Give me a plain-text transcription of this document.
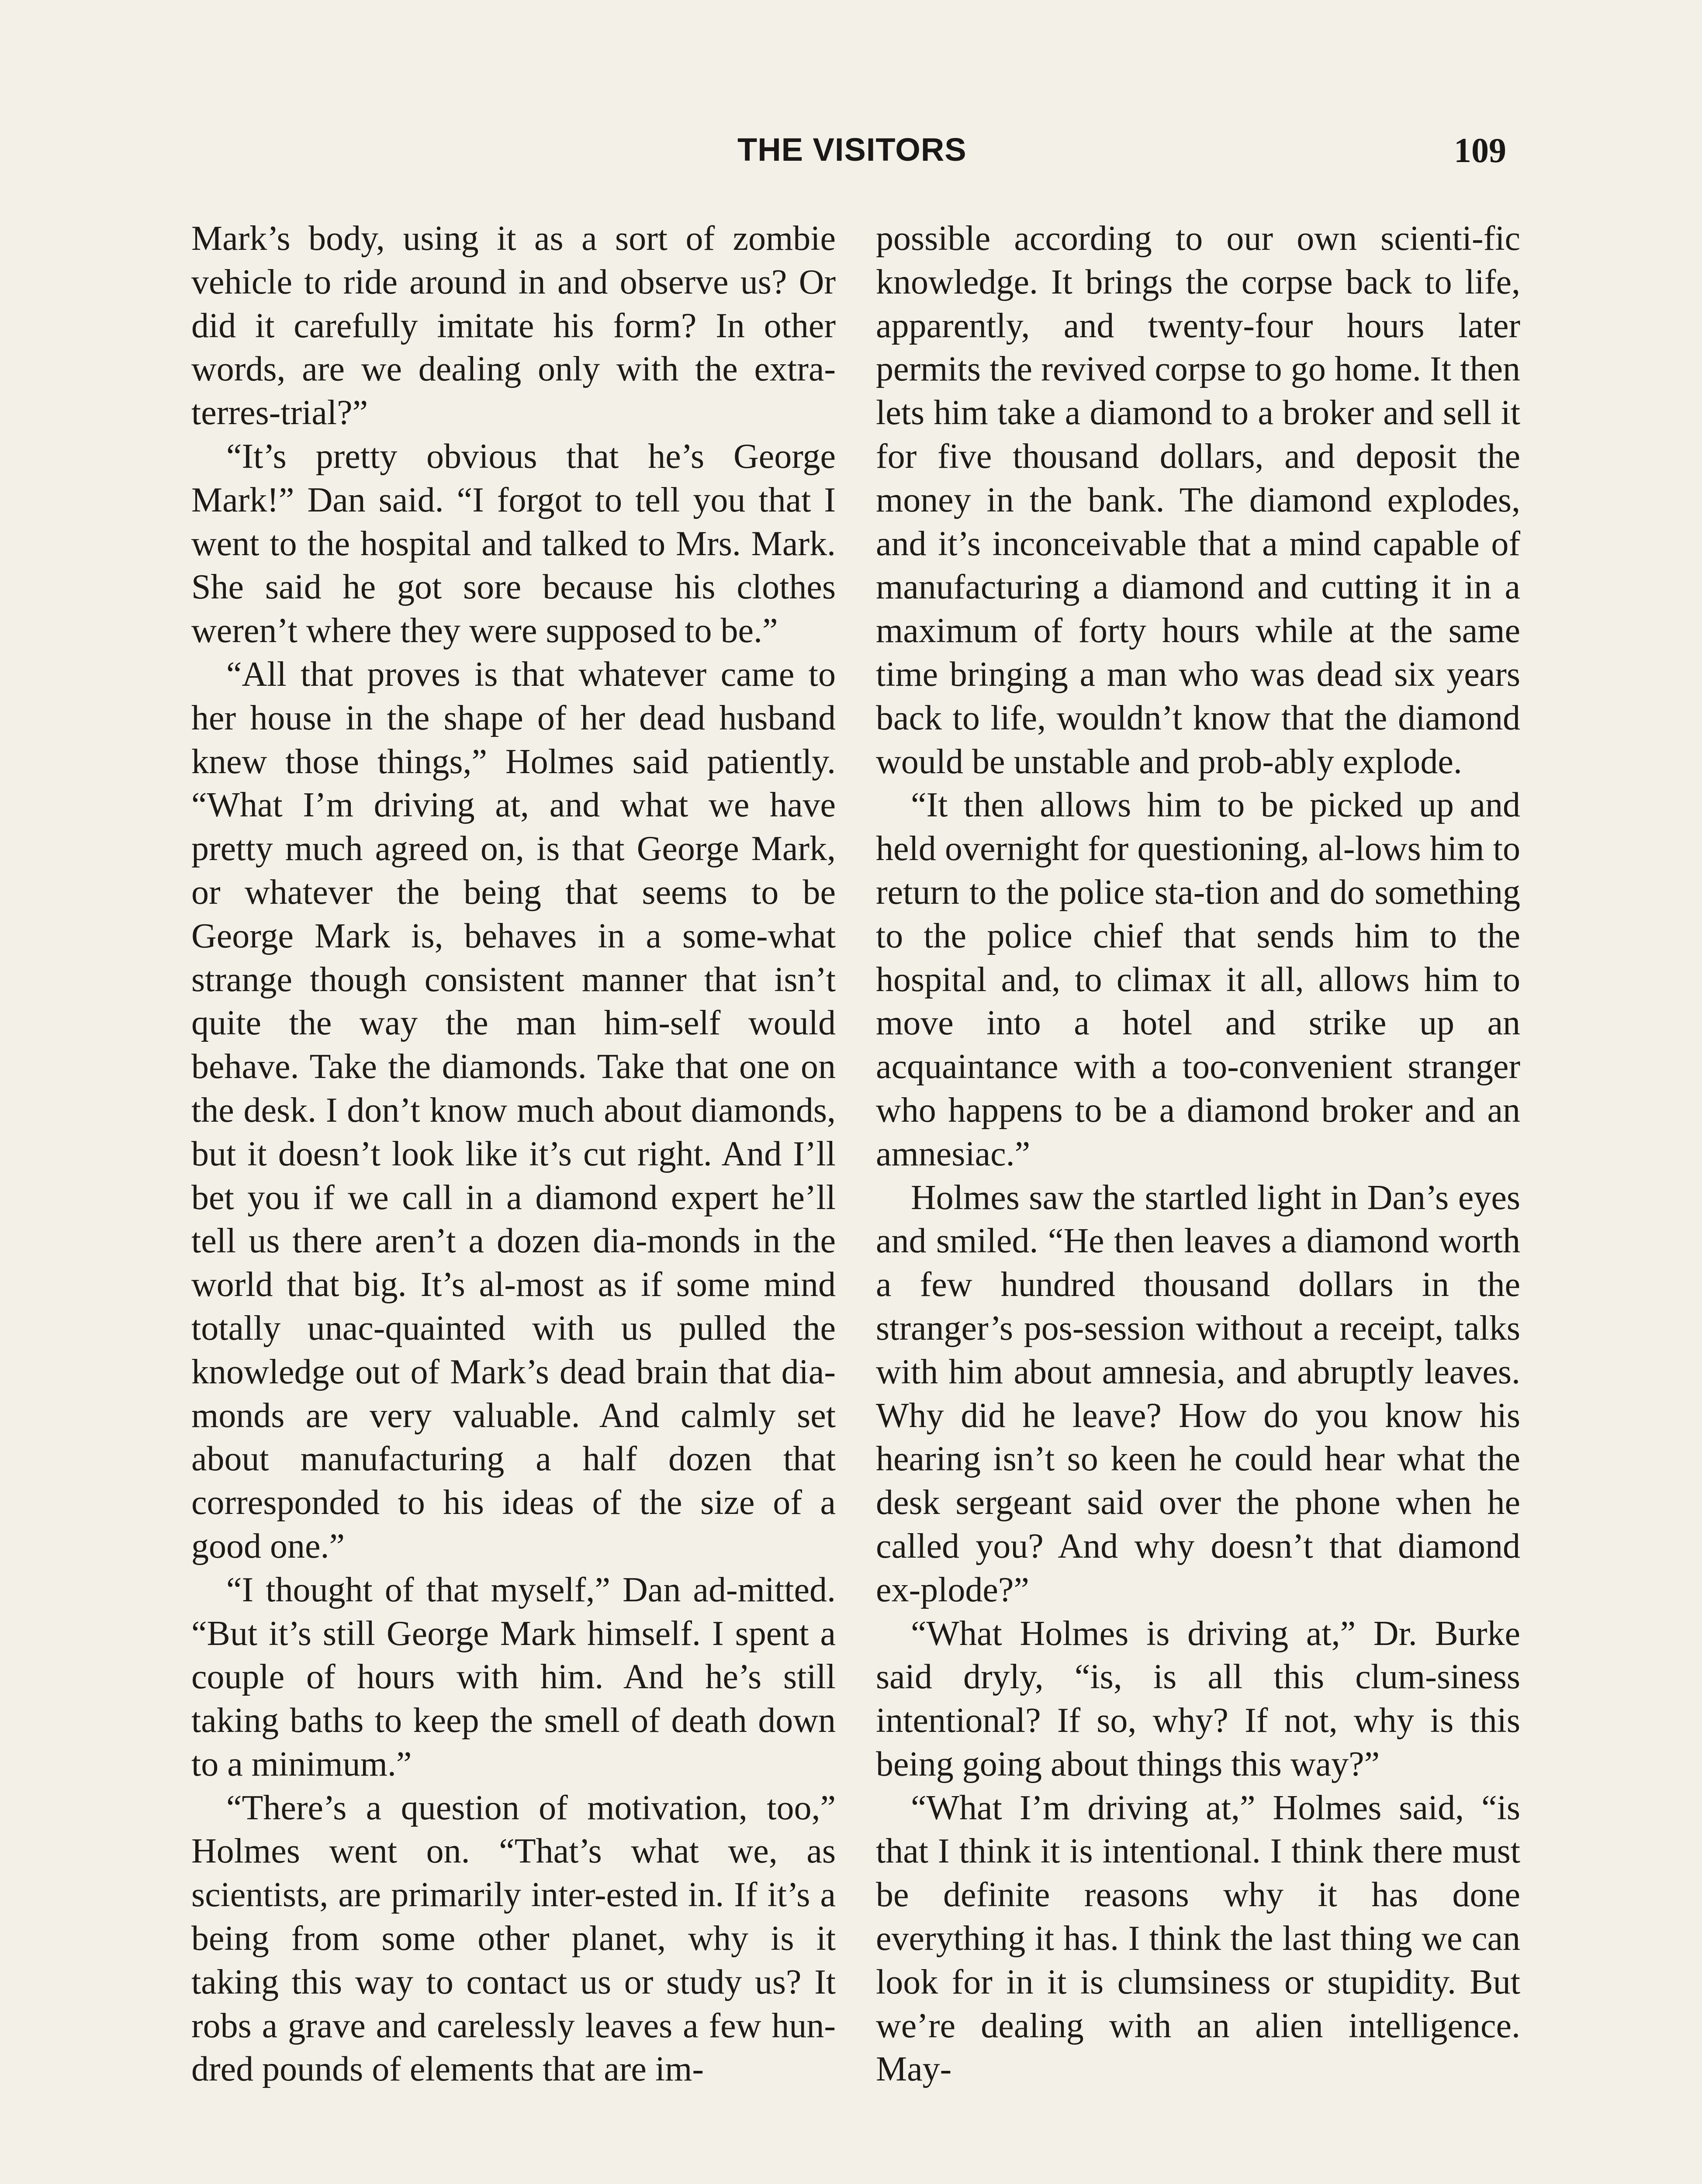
THE VISITORS	109

Mark’s body, using it as a sort of zombie vehicle to ride around in and observe us? Or did it carefully imitate his form? In other words, are we dealing only with the extra-terres-trial?”

“It’s pretty obvious that he’s George Mark!” Dan said. “I forgot to tell you that I went to the hospital and talked to Mrs. Mark. She said he got sore because his clothes weren’t where they were supposed to be.”

“All that proves is that whatever came to her house in the shape of her dead husband knew those things,” Holmes said patiently. “What I’m driving at, and what we have pretty much agreed on, is that George Mark, or whatever the being that seems to be George Mark is, behaves in a some-what strange though consistent manner that isn’t quite the way the man him-self would behave. Take the diamonds. Take that one on the desk. I don’t know much about diamonds, but it doesn’t look like it’s cut right. And I’ll bet you if we call in a diamond expert he’ll tell us there aren’t a dozen dia-monds in the world that big. It’s al-most as if some mind totally unac-quainted with us pulled the knowledge out of Mark’s dead brain that dia-monds are very valuable. And calmly set about manufacturing a half dozen that corresponded to his ideas of the size of a good one.”

“I thought of that myself,” Dan ad-mitted. “But it’s still George Mark himself. I spent a couple of hours with him. And he’s still taking baths to keep the smell of death down to a minimum.”

“There’s a question of motivation, too,” Holmes went on. “That’s what we, as scientists, are primarily inter-ested in. If it’s a being from some other planet, why is it taking this way to contact us or study us? It robs a grave and carelessly leaves a few hun-dred pounds of elements that are im-

possible according to our own scienti-fic knowledge. It brings the corpse back to life, apparently, and twenty-four hours later permits the revived corpse to go home. It then lets him take a diamond to a broker and sell it for five thousand dollars, and deposit the money in the bank. The diamond explodes, and it’s inconceivable that a mind capable of manufacturing a diamond and cutting it in a maximum of forty hours while at the same time bringing a man who was dead six years back to life, wouldn’t know that the diamond would be unstable and prob-ably explode.

“It then allows him to be picked up and held overnight for questioning, al-lows him to return to the police sta-tion and do something to the police chief that sends him to the hospital and, to climax it all, allows him to move into a hotel and strike up an acquaintance with a too-convenient stranger who happens to be a diamond broker and an amnesiac.”

Holmes saw the startled light in Dan’s eyes and smiled. “He then leaves a diamond worth a few hundred thousand dollars in the stranger’s pos-session without a receipt, talks with him about amnesia, and abruptly leaves. Why did he leave? How do you know his hearing isn’t so keen he could hear what the desk sergeant said over the phone when he called you? And why doesn’t that diamond ex-plode?”

“What Holmes is driving at,” Dr. Burke said dryly, “is, is all this clum-siness intentional? If so, why? If not, why is this being going about things this way?”

“What I’m driving at,” Holmes said, “is that I think it is intentional. I think there must be definite reasons why it has done everything it has. I think the last thing we can look for in it is clumsiness or stupidity. But we’re dealing with an alien intelligence. May-
